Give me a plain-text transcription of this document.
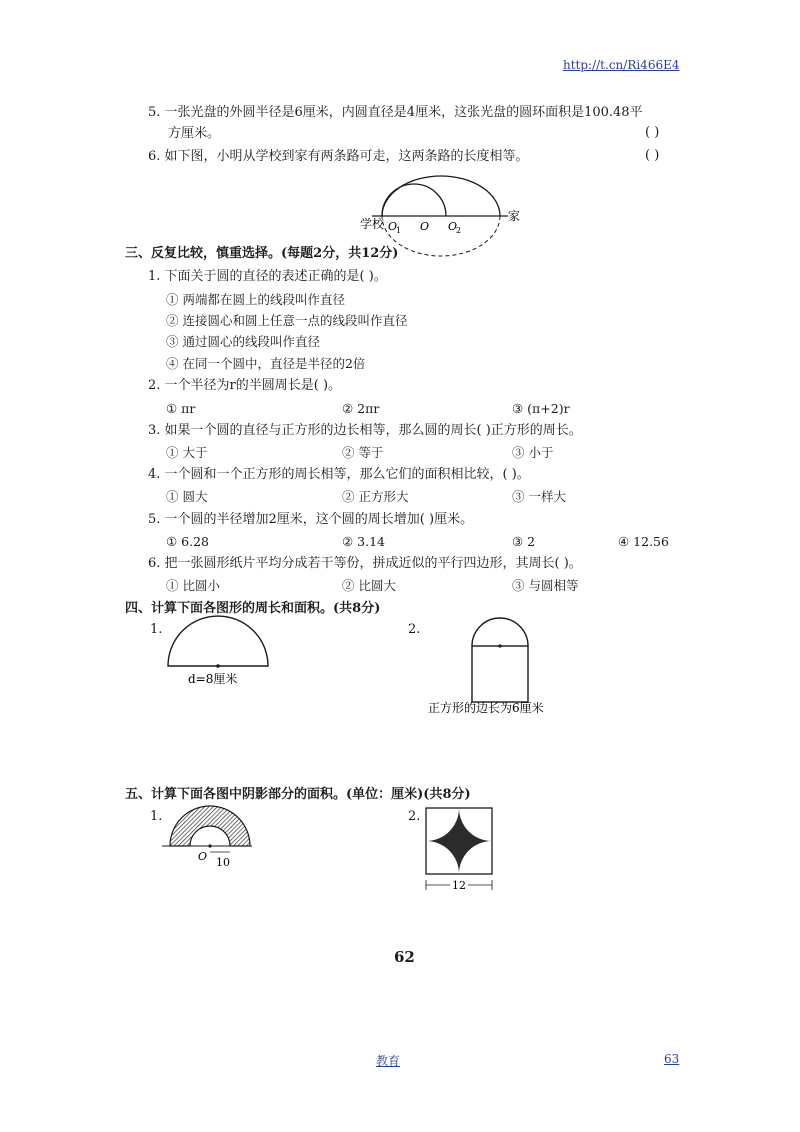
http://t.cn/Ri466E4
5. 一张光盘的外圆半径是6厘米，内圆直径是4厘米，这张光盘的圆环面积是100.48平
方厘米。	( )
6. 如下图，小明从学校到家有两条路可走，这两条路的长度相等。	( )
学校 O
1 O O
2
家
三、反复比较，慎重选择。(每题2分，共12分)
1. 下面关于圆的直径的表述正确的是( )。
① 两端都在圆上的线段叫作直径
② 连接圆心和圆上任意一点的线段叫作直径
③ 通过圆心的线段叫作直径
④ 在同一个圆中，直径是半径的2倍
2. 一个半径为r的半圆周长是( )。
① πr	② 2πr	③ (π+2)r
3. 如果一个圆的直径与正方形的边长相等，那么圆的周长( )正方形的周长。
① 大于	② 等于	③ 小于
4. 一个圆和一个正方形的周长相等，那么它们的面积相比较，( )。
① 圆大	② 正方形大	③ 一样大
5. 一个圆的半径增加2厘米，这个圆的周长增加( )厘米。
① 6.28	② 3.14	③ 2	④ 12.56
6. 把一张圆形纸片平均分成若干等份，拼成近似的平行四边形，其周长( )。
① 比圆小	② 比圆大	③ 与圆相等
四、计算下面各图形的周长和面积。(共8分)
1.	2.
d=8厘米
正方形的边长为6厘米
五、计算下面各图中阴影部分的面积。(单位：厘米)(共8分)
1.	2.
O 10
12
62
教育	63
